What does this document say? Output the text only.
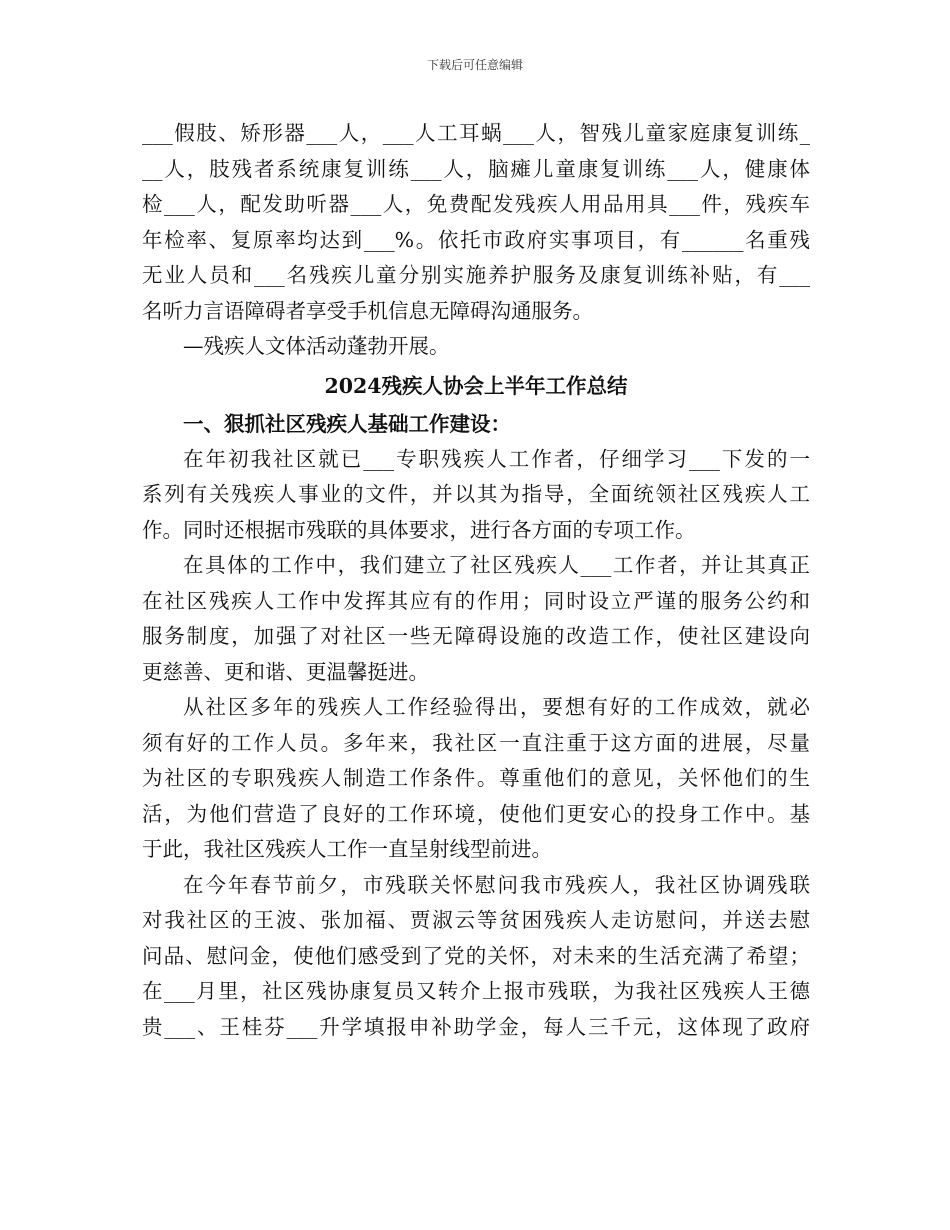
下载后可任意编辑

___假肢、矫形器___人，___人工耳蜗___人，智残儿童家庭康复训练_
__人，肢残者系统康复训练___人，脑瘫儿童康复训练___人，健康体
检___人，配发助听器___人，免费配发残疾人用品用具___件，残疾车
年检率、复原率均达到___%。依托市政府实事项目，有______名重残
无业人员和___名残疾儿童分别实施养护服务及康复训练补贴，有___
名听力言语障碍者享受手机信息无障碍沟通服务。

—残疾人文体活动蓬勃开展。

2024残疾人协会上半年工作总结
一、狠抓社区残疾人基础工作建设：

在年初我社区就已___专职残疾人工作者，仔细学习___下发的一
系列有关残疾人事业的文件，并以其为指导，全面统领社区残疾人工
作。同时还根据市残联的具体要求，进行各方面的专项工作。

在具体的工作中，我们建立了社区残疾人___工作者，并让其真正
在社区残疾人工作中发挥其应有的作用；同时设立严谨的服务公约和
服务制度，加强了对社区一些无障碍设施的改造工作，使社区建设向
更慈善、更和谐、更温馨挺进。

从社区多年的残疾人工作经验得出，要想有好的工作成效，就必
须有好的工作人员。多年来，我社区一直注重于这方面的进展，尽量
为社区的专职残疾人制造工作条件。尊重他们的意见，关怀他们的生
活，为他们营造了良好的工作环境，使他们更安心的投身工作中。基
于此，我社区残疾人工作一直呈射线型前进。

在今年春节前夕，市残联关怀慰问我市残疾人，我社区协调残联
对我社区的王波、张加福、贾淑云等贫困残疾人走访慰问，并送去慰
问品、慰问金，使他们感受到了党的关怀，对未来的生活充满了希望；
在___月里，社区残协康复员又转介上报市残联，为我社区残疾人王德
贵___、王桂芬___升学填报申补助学金，每人三千元，这体现了政府
